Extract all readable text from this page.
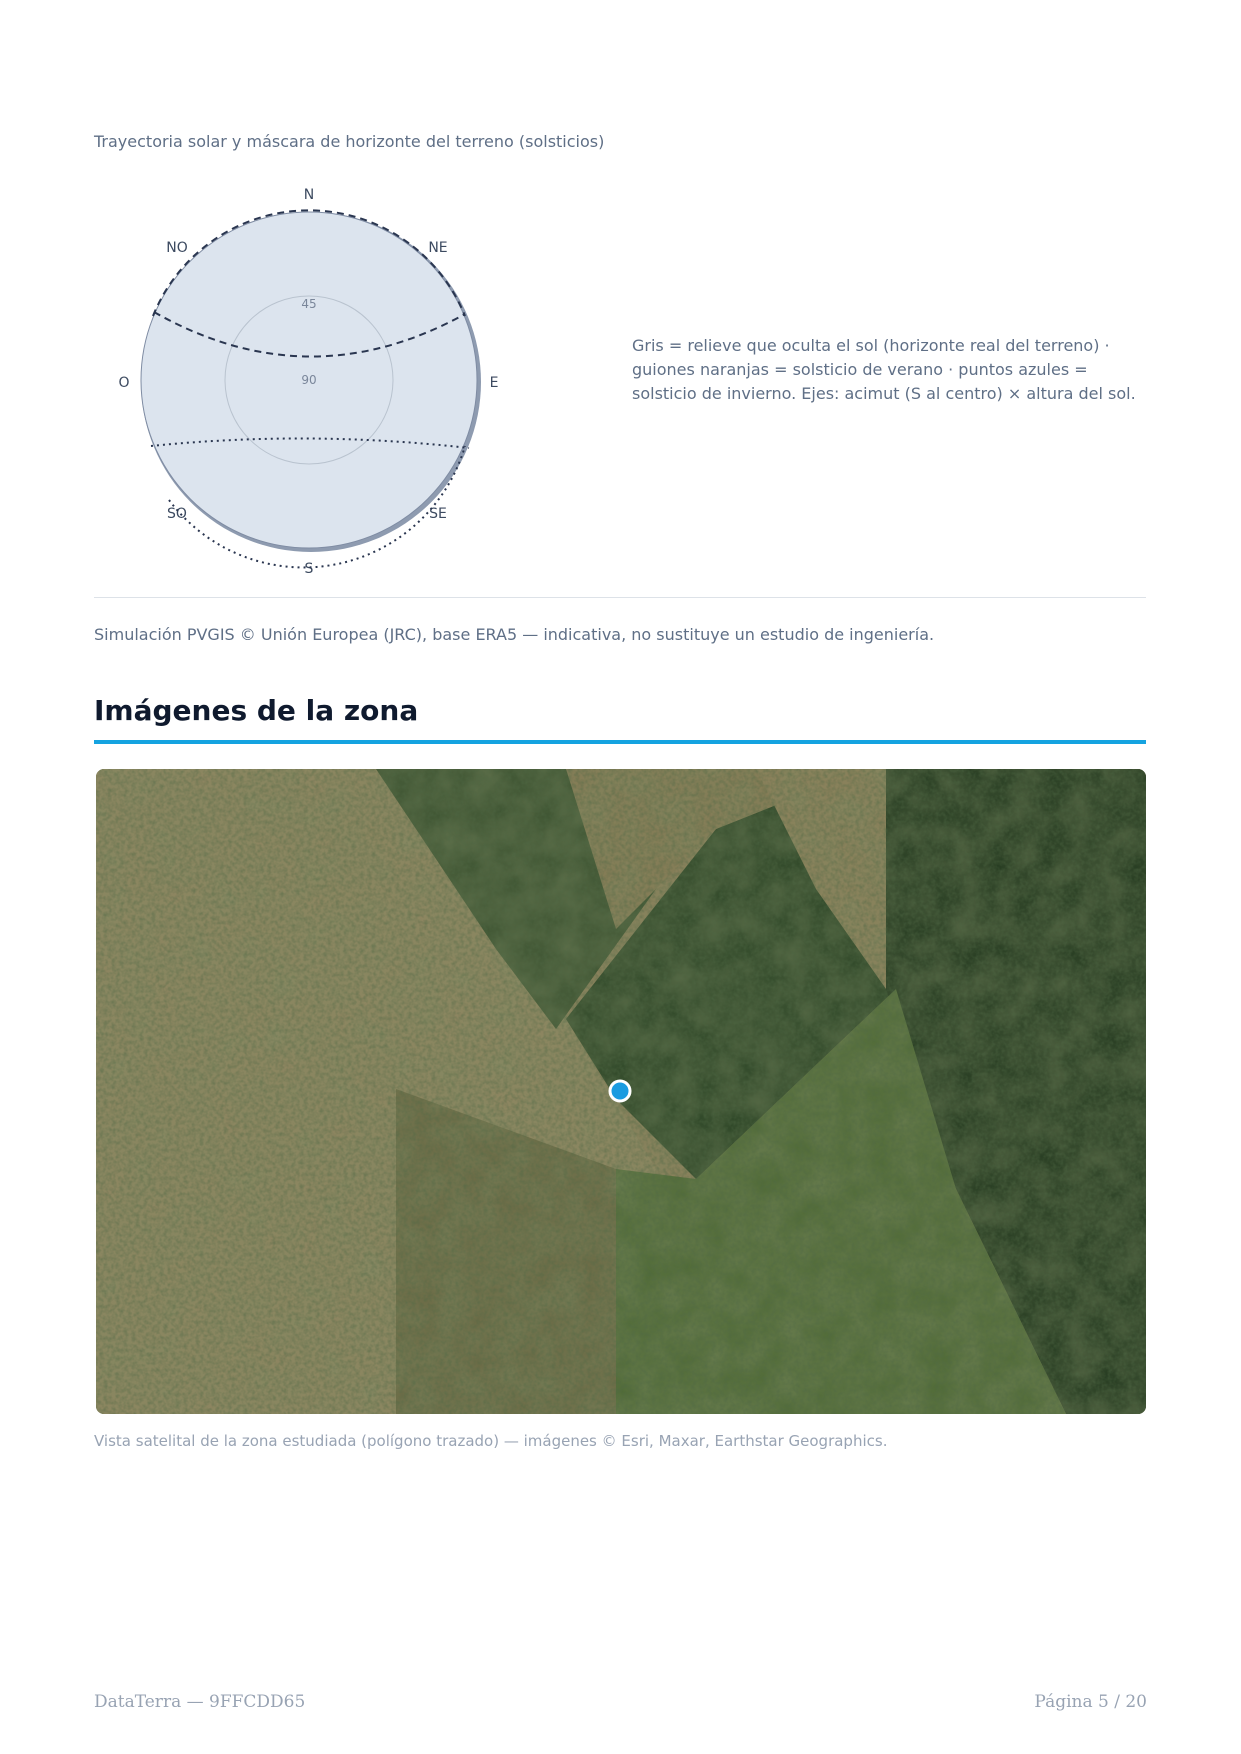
Trayectoria solar y máscara de horizonte del terreno (solsticios)
45
90
N
NE
E
SE
S
SO
O
NO
Gris = relieve que oculta el sol (horizonte real del terreno) · guiones naranjas = solsticio de verano · puntos azules = solsticio de invierno. Ejes: acimut (S al centro) × altura del sol.
Simulación PVGIS © Unión Europea (JRC), base ERA5 — indicativa, no sustituye un estudio de ingeniería.
Imágenes de la zona
Vista satelital de la zona estudiada (polígono trazado) — imágenes © Esri, Maxar, Earthstar Geographics.
DataTerra — 9FFCDD65	Página 5 / 20
